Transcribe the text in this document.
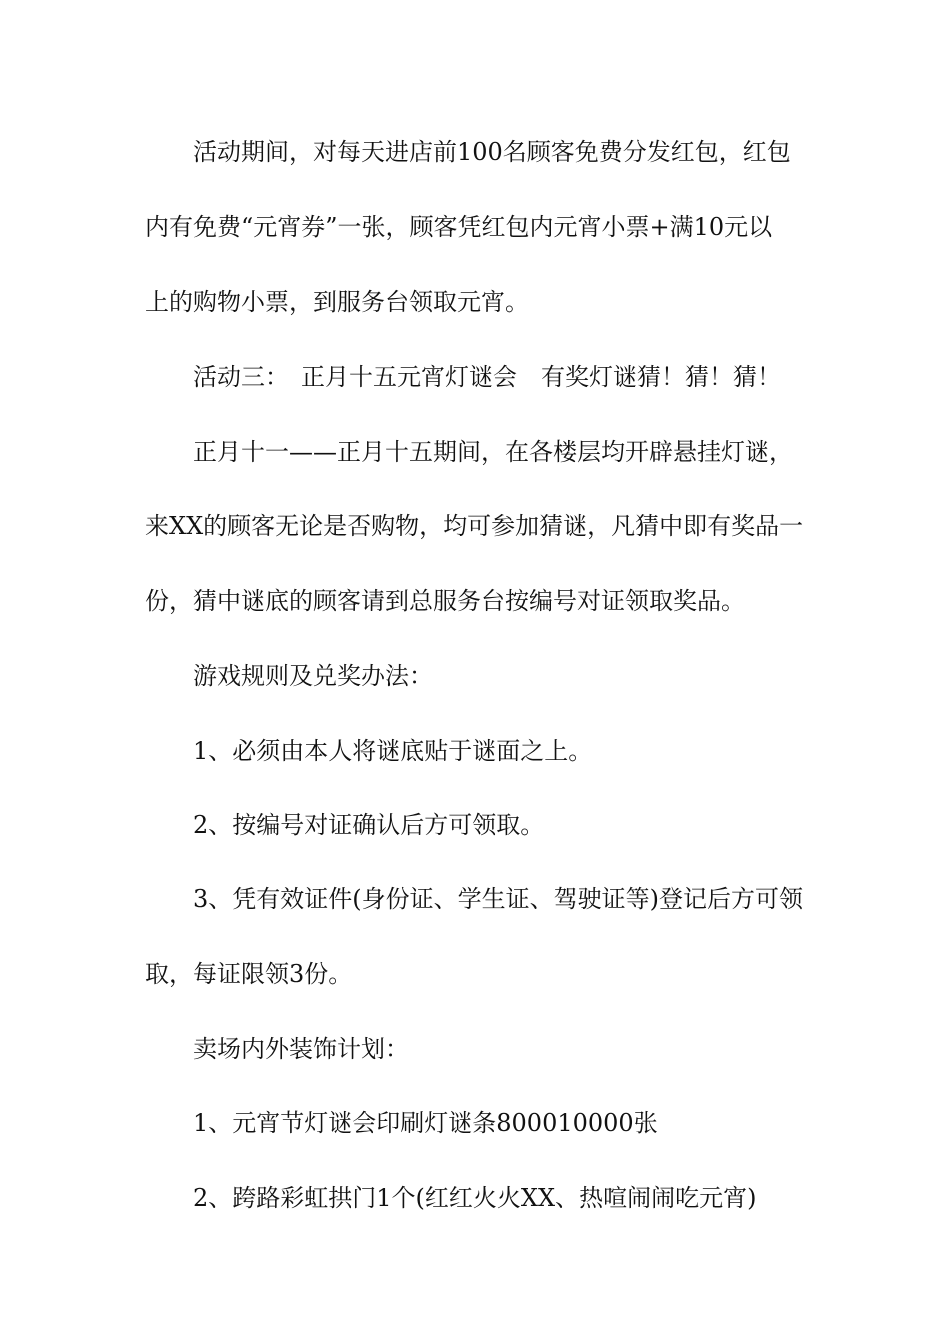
活动期间，对每天进店前100名顾客免费分发红包，红包
内有免费“元宵券”一张，顾客凭红包内元宵小票+满10元以
上的购物小票，到服务台领取元宵。
活动三：　正月十五元宵灯谜会　有奖灯谜猜！猜！猜！
正月十一——正月十五期间，在各楼层均开辟悬挂灯谜，
来XX的顾客无论是否购物，均可参加猜谜，凡猜中即有奖品一
份，猜中谜底的顾客请到总服务台按编号对证领取奖品。
游戏规则及兑奖办法：
1、必须由本人将谜底贴于谜面之上。
2、按编号对证确认后方可领取。
3、凭有效证件(身份证、学生证、驾驶证等)登记后方可领
取，每证限领3份。
卖场内外装饰计划：
1、元宵节灯谜会印刷灯谜条800010000张
2、跨路彩虹拱门1个(红红火火XX、热喧闹闹吃元宵)
